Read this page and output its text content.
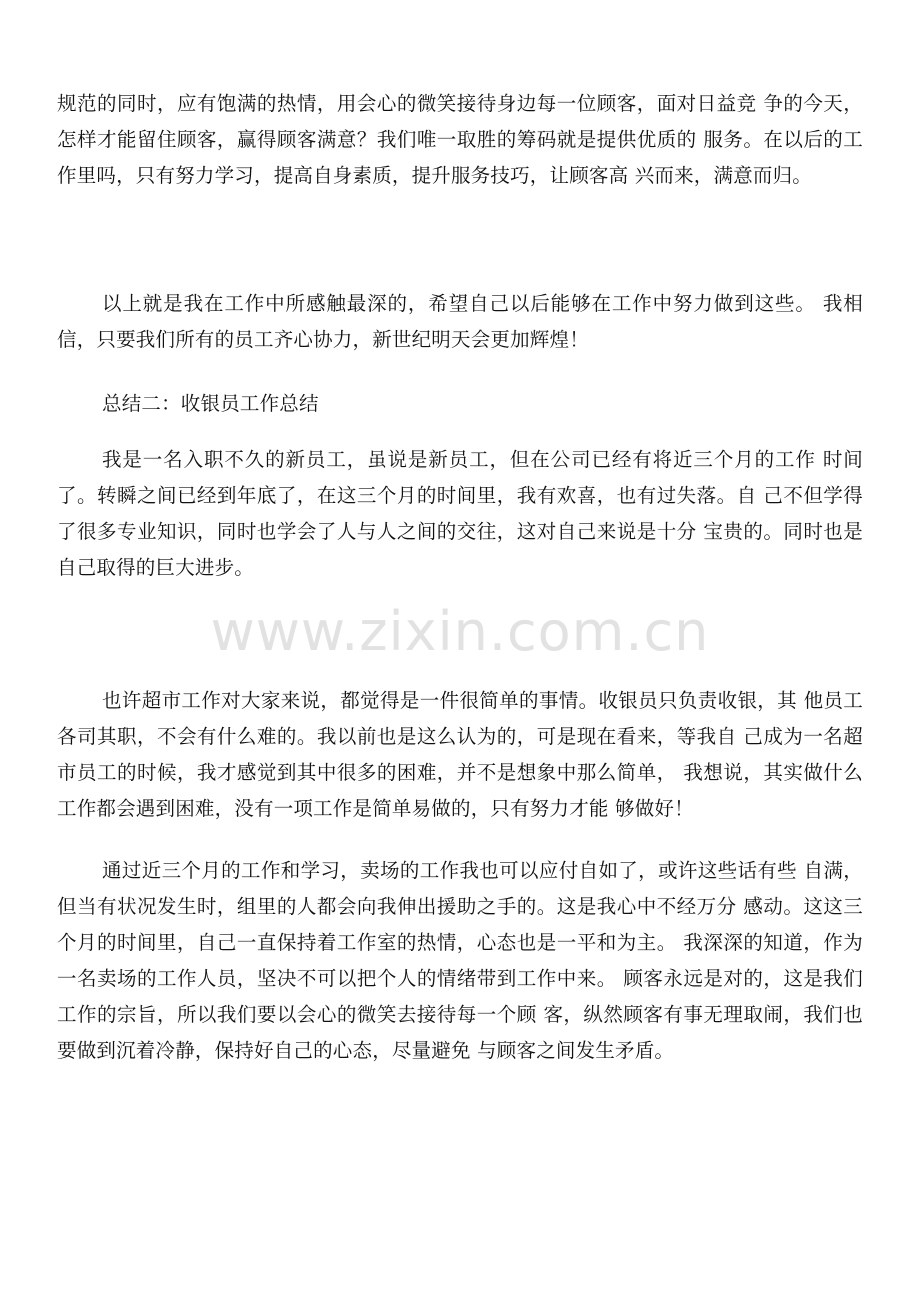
规范的同时，应有饱满的热情，用会心的微笑接待身边每一位顾客，面对日益竞 争的今天，怎样才能留住顾客，赢得顾客满意？我们唯一取胜的筹码就是提供优质的 服务。在以后的工作里吗，只有努力学习，提高自身素质，提升服务技巧，让顾客高 兴而来，满意而归。

以上就是我在工作中所感触最深的，希望自己以后能够在工作中努力做到这些。 我相信，只要我们所有的员工齐心协力，新世纪明天会更加辉煌！

总结二：收银员工作总结

我是一名入职不久的新员工，虽说是新员工，但在公司已经有将近三个月的工作 时间了。转瞬之间已经到年底了，在这三个月的时间里，我有欢喜，也有过失落。自 己不但学得了很多专业知识，同时也学会了人与人之间的交往，这对自己来说是十分 宝贵的。同时也是自己取得的巨大进步。

也许超市工作对大家来说，都觉得是一件很简单的事情。收银员只负责收银，其 他员工各司其职，不会有什么难的。我以前也是这么认为的，可是现在看来，等我自 己成为一名超市员工的时候，我才感觉到其中很多的困难，并不是想象中那么简单， 我想说，其实做什么工作都会遇到困难，没有一项工作是简单易做的，只有努力才能 够做好！

通过近三个月的工作和学习，卖场的工作我也可以应付自如了，或许这些话有些 自满，但当有状况发生时，组里的人都会向我伸出援助之手的。这是我心中不经万分 感动。这这三个月的时间里，自己一直保持着工作室的热情，心态也是一平和为主。 我深深的知道，作为一名卖场的工作人员，坚决不可以把个人的情绪带到工作中来。 顾客永远是对的，这是我们工作的宗旨，所以我们要以会心的微笑去接待每一个顾 客，纵然顾客有事无理取闹，我们也要做到沉着冷静，保持好自己的心态，尽量避免 与顾客之间发生矛盾。

www.zixin.com.cn
